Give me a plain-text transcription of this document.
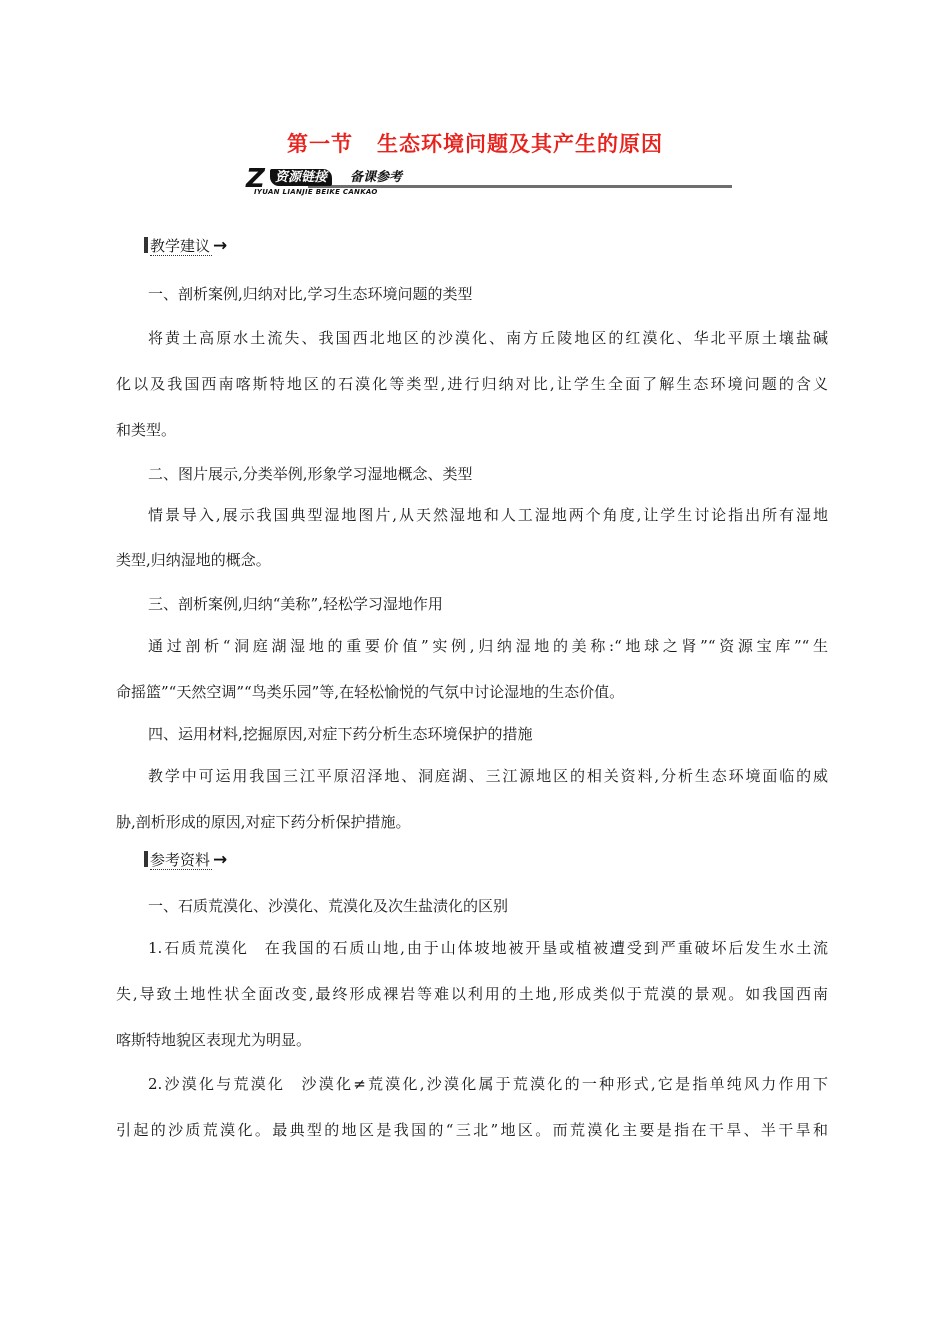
第一节 生态环境问题及其产生的原因
Z 资源链接	备课参考
IYUAN LIANJIE BEIKE CANKAO
教学建议 →
一、剖析案例,归纳对比,学习生态环境问题的类型
将黄土高原水土流失、我国西北地区的沙漠化、南方丘陵地区的红漠化、华北平原土壤盐碱
化以及我国西南喀斯特地区的石漠化等类型,进行归纳对比,让学生全面了解生态环境问题的含义
和类型。
二、图片展示,分类举例,形象学习湿地概念、类型
情景导入,展示我国典型湿地图片,从天然湿地和人工湿地两个角度,让学生讨论指出所有湿地
类型,归纳湿地的概念。
三、剖析案例,归纳“美称”,轻松学习湿地作用
通过剖析“洞庭湖湿地的重要价值”实例,归纳湿地的美称:“地球之肾”“资源宝库”“生
命摇篮”“天然空调”“鸟类乐园”等,在轻松愉悦的气氛中讨论湿地的生态价值。
四、运用材料,挖掘原因,对症下药分析生态环境保护的措施
教学中可运用我国三江平原沼泽地、洞庭湖、三江源地区的相关资料,分析生态环境面临的威
胁,剖析形成的原因,对症下药分析保护措施。
参考资料 →
一、石质荒漠化、沙漠化、荒漠化及次生盐渍化的区别
1.石质荒漠化 在我国的石质山地,由于山体坡地被开垦或植被遭受到严重破坏后发生水土流
失,导致土地性状全面改变,最终形成裸岩等难以利用的土地,形成类似于荒漠的景观。如我国西南
喀斯特地貌区表现尤为明显。
2.沙漠化与荒漠化 沙漠化≠荒漠化,沙漠化属于荒漠化的一种形式,它是指单纯风力作用下
引起的沙质荒漠化。最典型的地区是我国的“三北”地区。而荒漠化主要是指在干旱、半干旱和
